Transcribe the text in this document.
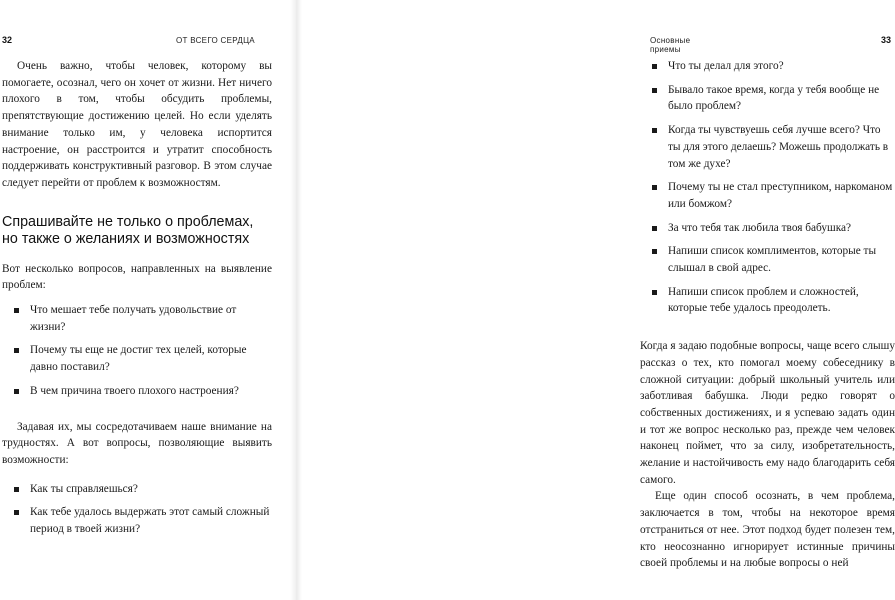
32	ОТ ВСЕГО СЕРДЦА

Очень важно, чтобы человек, которому вы помогаете, осознал, чего он хочет от жизни. Нет ничего плохого в том, чтобы обсудить проблемы, препятствующие достижению целей. Но если уделять внимание только им, у человека испортится настроение, он расстроится и утратит способность поддерживать конструктивный разговор. В этом случае следует перейти от проблем к возможностям.

Спрашивайте не только о проблемах, но также о желаниях и возможностях

Вот несколько вопросов, направленных на выявление проблем:

Что мешает тебе получать удовольствие от жизни?
Почему ты еще не достиг тех целей, которые давно поставил?
В чем причина твоего плохого настроения?

Задавая их, мы сосредотачиваем наше внимание на трудностях. А вот вопросы, позволяющие выявить возможности:

Как ты справляешься?
Как тебе удалось выдержать этот самый сложный период в твоей жизни?
Основные приемы
33
Что ты делал для этого?
Бывало такое время, когда у тебя вообще не было проблем?
Когда ты чувствуешь себя лучше всего? Что ты для этого делаешь? Можешь продолжать в том же духе?
Почему ты не стал преступником, наркоманом или бомжом?
За что тебя так любила твоя бабушка?
Напиши список комплиментов, которые ты слышал в свой адрес.
Напиши список проблем и сложностей, которые тебе удалось преодолеть.

Когда я задаю подобные вопросы, чаще всего слышу рассказ о тех, кто помогал моему собеседнику в сложной ситуации: добрый школьный учитель или заботливая бабушка. Люди редко говорят о собственных достижениях, и я успеваю задать один и тот же вопрос несколько раз, прежде чем человек наконец поймет, что за силу, изобретательность, желание и настойчивость ему надо благодарить себя самого.

Еще один способ осознать, в чем проблема, заключается в том, чтобы на некоторое время отстраниться от нее. Этот подход будет полезен тем, кто неосознанно игнорирует истинные причины своей проблемы и на любые вопросы о ней
